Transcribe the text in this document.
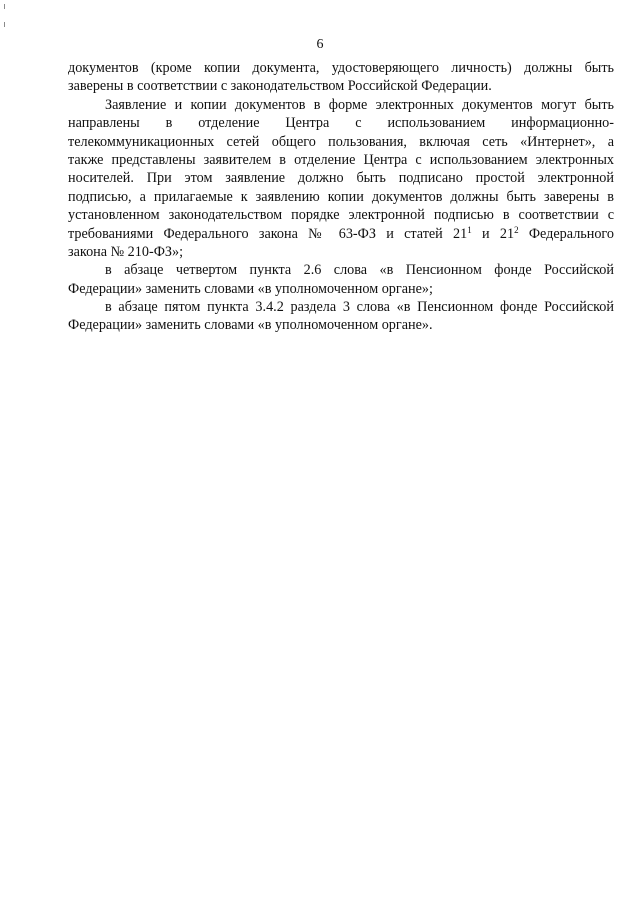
6
документов (кроме копии документа, удостоверяющего личность) должны быть
заверены в соответствии с законодательством Российской Федерации.
Заявление и копии документов в форме электронных документов могут быть
направлены в отделение Центра с использованием информационно-
телекоммуникационных сетей общего пользования, включая сеть «Интернет», а
также представлены заявителем в отделение Центра с использованием электронных
носителей. При этом заявление должно быть подписано простой электронной
подписью, а прилагаемые к заявлению копии документов должны быть заверены в
установленном законодательством порядке электронной подписью в соответствии с
требованиями Федерального закона № 63-ФЗ и статей $21^1$ и $21^2$ Федерального
закона № 210-ФЗ»;
в абзаце четвертом пункта 2.6 слова «в Пенсионном фонде Российской
Федерации» заменить словами «в уполномоченном органе»;
в абзаце пятом пункта 3.4.2 раздела 3 слова «в Пенсионном фонде Российской
Федерации» заменить словами «в уполномоченном органе».
